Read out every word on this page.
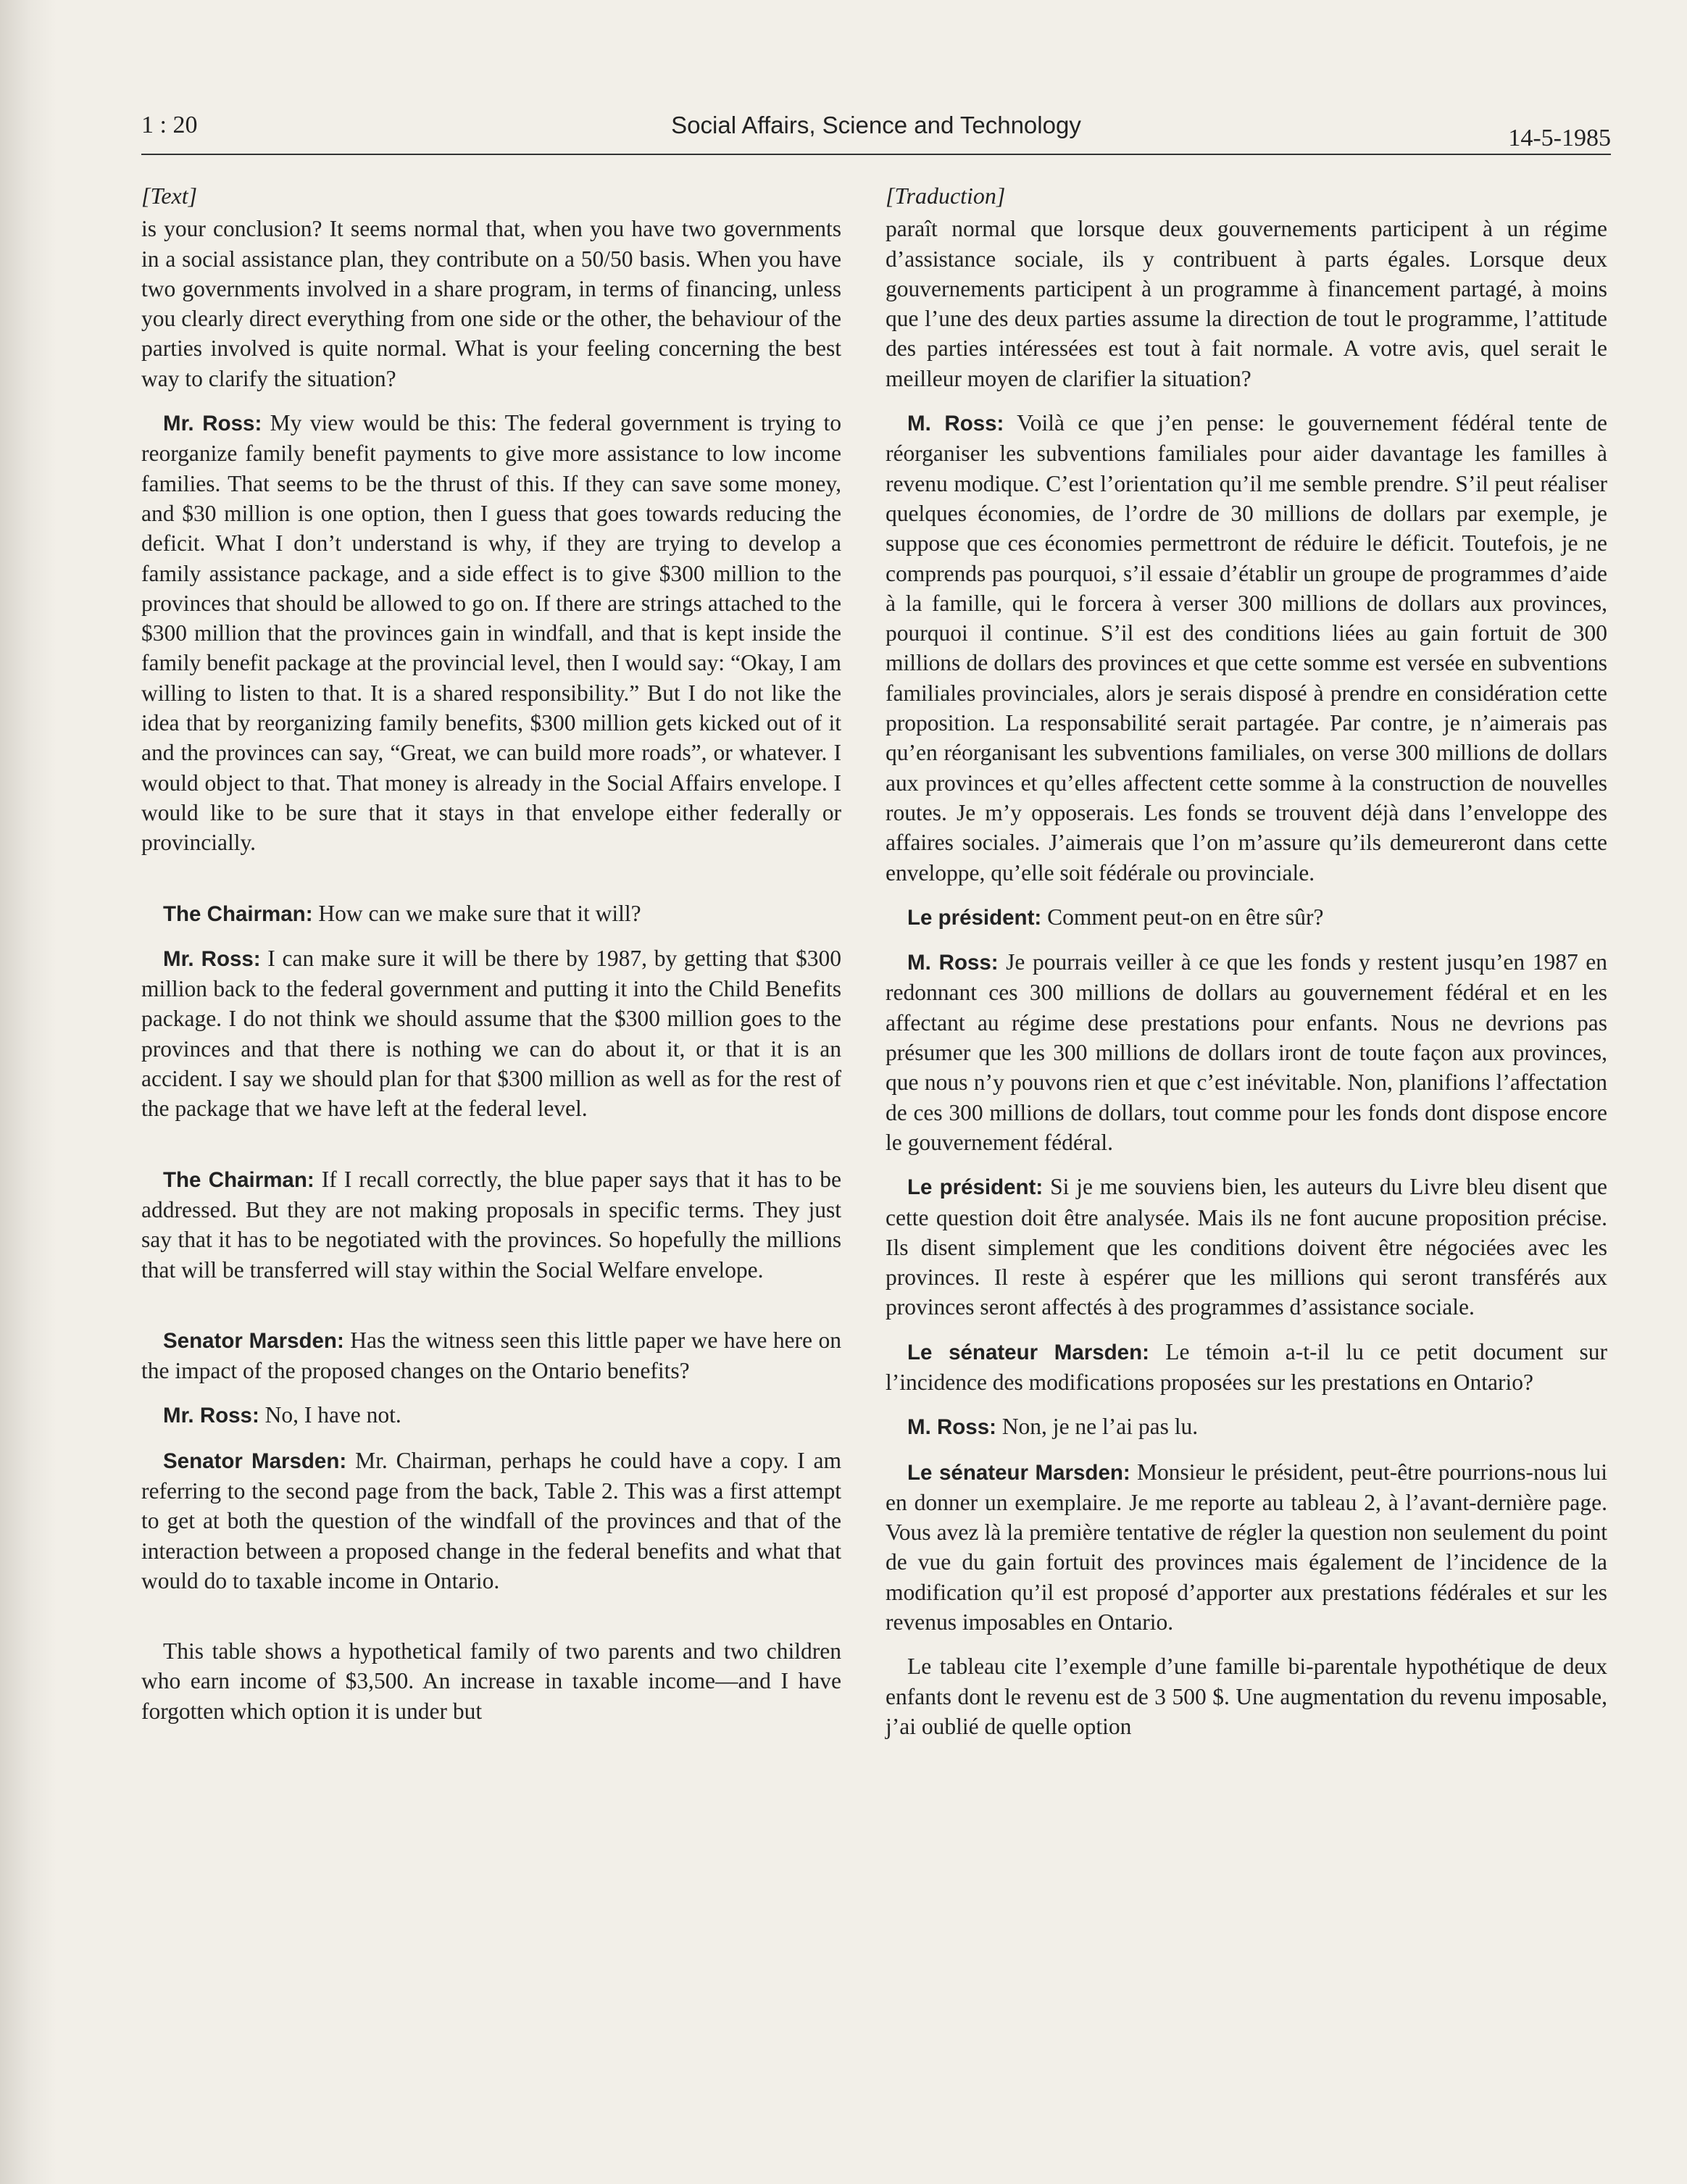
1 : 20	Social Affairs, Science and Technology	14-5-1985
[Text]

is your conclusion? It seems normal that, when you have two governments in a social assistance plan, they contribute on a 50/50 basis. When you have two governments involved in a share program, in terms of financing, unless you clearly direct everything from one side or the other, the behaviour of the parties involved is quite normal. What is your feeling concerning the best way to clarify the situation?

Mr. Ross: My view would be this: The federal government is trying to reorganize family benefit payments to give more assistance to low income families. That seems to be the thrust of this. If they can save some money, and $30 million is one option, then I guess that goes towards reducing the deficit. What I don’t understand is why, if they are trying to develop a family assistance package, and a side effect is to give $300 million to the provinces that should be allowed to go on. If there are strings attached to the $300 million that the provinces gain in windfall, and that is kept inside the family benefit package at the provincial level, then I would say: “Okay, I am willing to listen to that. It is a shared responsibility.” But I do not like the idea that by reorganizing family benefits, $300 million gets kicked out of it and the provinces can say, “Great, we can build more roads”, or whatever. I would object to that. That money is already in the Social Affairs envelope. I would like to be sure that it stays in that envelope either federally or provincially.

The Chairman: How can we make sure that it will?

Mr. Ross: I can make sure it will be there by 1987, by getting that $300 million back to the federal government and putting it into the Child Benefits package. I do not think we should assume that the $300 million goes to the provinces and that there is nothing we can do about it, or that it is an accident. I say we should plan for that $300 million as well as for the rest of the package that we have left at the federal level.

The Chairman: If I recall correctly, the blue paper says that it has to be addressed. But they are not making proposals in specific terms. They just say that it has to be negotiated with the provinces. So hopefully the millions that will be transferred will stay within the Social Welfare envelope.

Senator Marsden: Has the witness seen this little paper we have here on the impact of the proposed changes on the Ontario benefits?

Mr. Ross: No, I have not.

Senator Marsden: Mr. Chairman, perhaps he could have a copy. I am referring to the second page from the back, Table 2. This was a first attempt to get at both the question of the windfall of the provinces and that of the interaction between a proposed change in the federal benefits and what that would do to taxable income in Ontario.

This table shows a hypothetical family of two parents and two children who earn income of $3,500. An increase in taxable income—and I have forgotten which option it is under but

[Traduction]

paraît normal que lorsque deux gouvernements participent à un régime d’assistance sociale, ils y contribuent à parts égales. Lorsque deux gouvernements participent à un programme à financement partagé, à moins que l’une des deux parties assume la direction de tout le programme, l’attitude des parties intéressées est tout à fait normale. A votre avis, quel serait le meilleur moyen de clarifier la situation?

M. Ross: Voilà ce que j’en pense: le gouvernement fédéral tente de réorganiser les subventions familiales pour aider davantage les familles à revenu modique. C’est l’orientation qu’il me semble prendre. S’il peut réaliser quelques économies, de l’ordre de 30 millions de dollars par exemple, je suppose que ces économies permettront de réduire le déficit. Toutefois, je ne comprends pas pourquoi, s’il essaie d’établir un groupe de programmes d’aide à la famille, qui le forcera à verser 300 millions de dollars aux provinces, pourquoi il continue. S’il est des conditions liées au gain fortuit de 300 millions de dollars des provinces et que cette somme est versée en subventions familiales provinciales, alors je serais disposé à prendre en considération cette proposition. La responsabilité serait partagée. Par contre, je n’aimerais pas qu’en réorganisant les subventions familiales, on verse 300 millions de dollars aux provinces et qu’elles affectent cette somme à la construction de nouvelles routes. Je m’y opposerais. Les fonds se trouvent déjà dans l’enveloppe des affaires sociales. J’aimerais que l’on m’assure qu’ils demeureront dans cette enveloppe, qu’elle soit fédérale ou provinciale.

Le président: Comment peut-on en être sûr?

M. Ross: Je pourrais veiller à ce que les fonds y restent jusqu’en 1987 en redonnant ces 300 millions de dollars au gouvernement fédéral et en les affectant au régime dese prestations pour enfants. Nous ne devrions pas présumer que les 300 millions de dollars iront de toute façon aux provinces, que nous n’y pouvons rien et que c’est inévitable. Non, planifions l’affectation de ces 300 millions de dollars, tout comme pour les fonds dont dispose encore le gouvernement fédéral.

Le président: Si je me souviens bien, les auteurs du Livre bleu disent que cette question doit être analysée. Mais ils ne font aucune proposition précise. Ils disent simplement que les conditions doivent être négociées avec les provinces. Il reste à espérer que les millions qui seront transférés aux provinces seront affectés à des programmes d’assistance sociale.

Le sénateur Marsden: Le témoin a-t-il lu ce petit document sur l’incidence des modifications proposées sur les prestations en Ontario?

M. Ross: Non, je ne l’ai pas lu.

Le sénateur Marsden: Monsieur le président, peut-être pourrions-nous lui en donner un exemplaire. Je me reporte au tableau 2, à l’avant-dernière page. Vous avez là la première tentative de régler la question non seulement du point de vue du gain fortuit des provinces mais également de l’incidence de la modification qu’il est proposé d’apporter aux prestations fédérales et sur les revenus imposables en Ontario.

Le tableau cite l’exemple d’une famille bi-parentale hypothétique de deux enfants dont le revenu est de 3 500 $. Une augmentation du revenu imposable, j’ai oublié de quelle option
